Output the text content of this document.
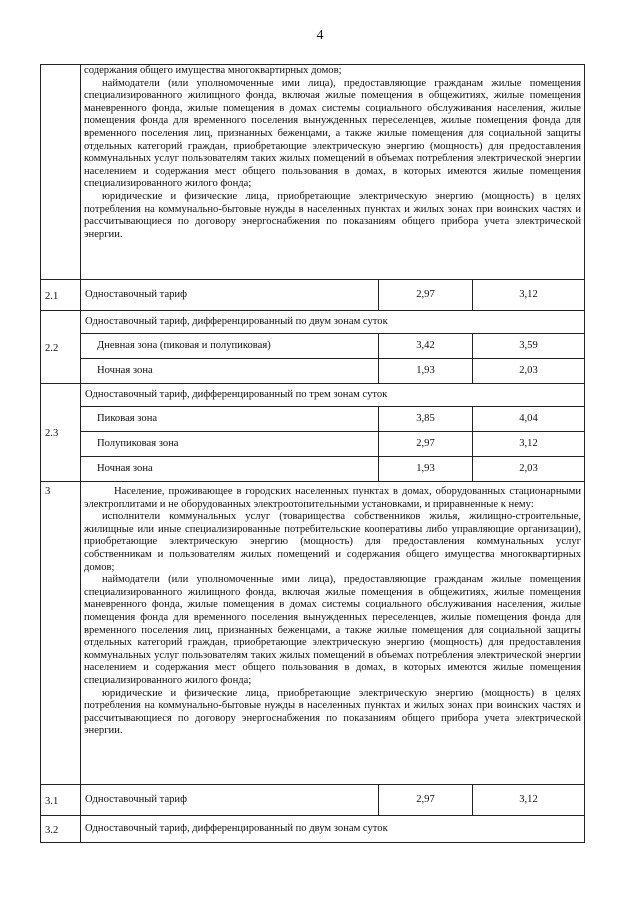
4

	содержания общего имущества многоквартирных домов;

наймодатели (или уполномоченные ими лица), предоставляющие гражданам жилые помещения специализированного жилищного фонда, включая жилые помещения в общежитиях, жилые помещения маневренного фонда, жилые помещения в домах системы социального обслуживания населения, жилые помещения фонда для временного поселения вынужденных переселенцев, жилые помещения фонда для временного поселения лиц, признанных беженцами, а также жилые помещения для социальной защиты отдельных категорий граждан, приобретающие электрическую энергию (мощность) для предоставления коммунальных услуг пользователям таких жилых помещений в объемах потребления электрической энергии населением и содержания мест общего пользования в домах, в которых имеются жилые помещения специализированного жилого фонда;

юридические и физические лица, приобретающие электрическую энергию (мощность) в целях потребления на коммунально-бытовые нужды в населенных пунктах и жилых зонах при воинских частях и рассчитывающиеся по договору энергоснабжения по показаниям общего прибора учета электрической энергии.		

2.1	Одноставочный тариф	2,97	3,12
2.2	Одноставочный тариф, дифференцированный по двум зонам суток		
	Дневная зона (пиковая и полупиковая)	3,42	3,59
	Ночная зона	1,93	2,03
2.3	Одноставочный тариф, дифференцированный по трем зонам суток		
	Пиковая зона	3,85	4,04
	Полупиковая зона	2,97	3,12
	Ночная зона	1,93	2,03
3	Население, проживающее в городских населенных пунктах в домах, оборудованных стационарными электроплитами и не оборудованных электроотопительными установками, и приравненные к нему:

исполнители коммунальных услуг (товарищества собственников жилья, жилищно-строительные, жилищные или иные специализированные потребительские кооперативы либо управляющие организации), приобретающие электрическую энергию (мощность) для предоставления коммунальных услуг собственникам и пользователям жилых помещений и содержания общего имущества многоквартирных домов;

наймодатели (или уполномоченные ими лица), предоставляющие гражданам жилые помещения специализированного жилищного фонда, включая жилые помещения в общежитиях, жилые помещения маневренного фонда, жилые помещения в домах системы социального обслуживания населения, жилые помещения фонда для временного поселения вынужденных переселенцев, жилые помещения фонда для временного поселения лиц, признанных беженцами, а также жилые помещения для социальной защиты отдельных категорий граждан, приобретающие электрическую энергию (мощность) для предоставления коммунальных услуг пользователям таких жилых помещений в объемах потребления электрической энергии населением и содержания мест общего пользования в домах, в которых имеются жилые помещения специализированного жилого фонда;

юридические и физические лица, приобретающие электрическую энергию (мощность) в целях потребления на коммунально-бытовые нужды в населенных пунктах и жилых зонах при воинских частях и рассчитывающиеся по договору энергоснабжения по показаниям общего прибора учета электрической энергии.		

3.1	Одноставочный тариф	2,97	3,12
3.2	Одноставочный тариф, дифференцированный по двум зонам суток		
